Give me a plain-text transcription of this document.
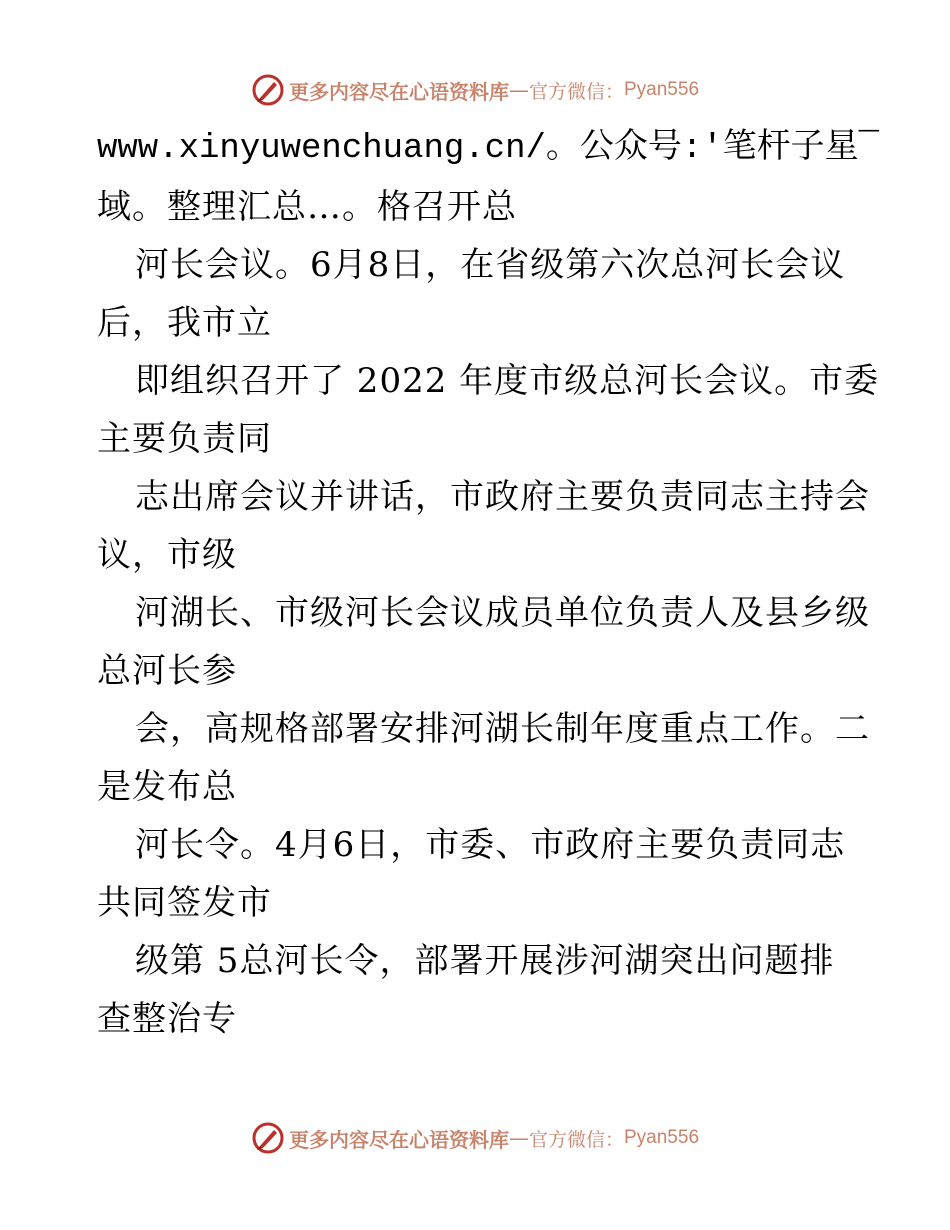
更多内容尽在心语资料库 — 官方微信： Pyan556
www.xinyuwenchuang.cn/。公众号:′笔杆子星¯
域。整理汇总…。格召开总
河长会议。6月8日，在省级第六次总河长会议
后，我市立
即组织召开了 2022 年度市级总河长会议。市委
主要负责同
志出席会议并讲话，市政府主要负责同志主持会
议，市级
河湖长、市级河长会议成员单位负责人及县乡级
总河长参
会，高规格部署安排河湖长制年度重点工作。二
是发布总
河长令。4月6日，市委、市政府主要负责同志
共同签发市
级第 5总河长令，部署开展涉河湖突出问题排
查整治专
更多内容尽在心语资料库 — 官方微信： Pyan556
